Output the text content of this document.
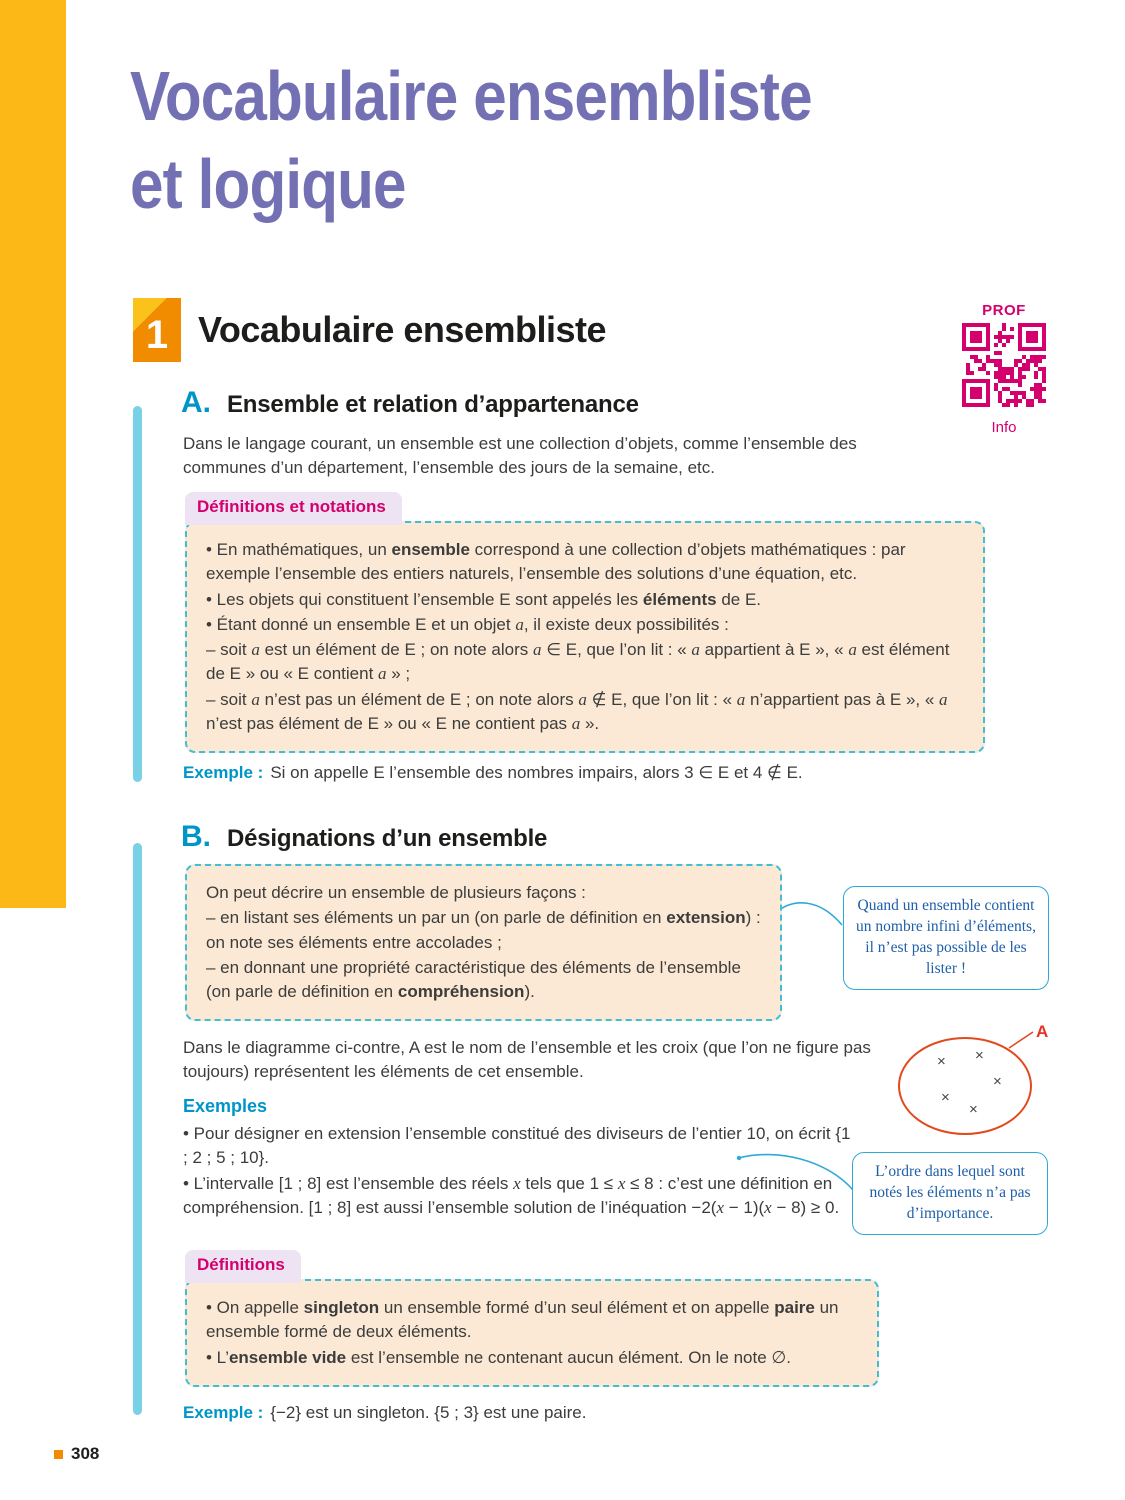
Vocabulaire ensembliste
et logique
1 Vocabulaire ensembliste	PROF
Info
A. Ensemble et relation d’appartenance

Dans le langage courant, un ensemble est une collection d’objets, comme l’ensemble des communes d’un département, l’ensemble des jours de la semaine, etc.

Définitions et notations

• En mathématiques, un ensemble correspond à une collection d’objets mathématiques : par exemple l’ensemble des entiers naturels, l’ensemble des solutions d’une équation, etc.

• Les objets qui constituent l’ensemble E sont appelés les éléments de E.

• Étant donné un ensemble E et un objet a, il existe deux possibilités :

– soit a est un élément de E ; on note alors a ∈ E, que l’on lit : « a appartient à E », « a est élément de E » ou « E contient a » ;

– soit a n’est pas un élément de E ; on note alors a ∉ E, que l’on lit : « a n’appartient pas à E », « a n’est pas élément de E » ou « E ne contient pas a ».

Exemple : Si on appelle E l’ensemble des nombres impairs, alors 3 ∈ E et 4 ∉ E.

B. Désignations d’un ensemble

On peut décrire un ensemble de plusieurs façons :

– en listant ses éléments un par un (on parle de définition en extension) : on note ses éléments entre accolades ;

– en donnant une propriété caractéristique des éléments de l’ensemble (on parle de définition en compréhension).

Quand un ensemble contient un nombre infini d’éléments, il n’est pas possible de les lister !

Dans le diagramme ci-contre, A est le nom de l’ensemble et les croix (que l’on ne figure pas toujours) représentent les éléments de cet ensemble.

A
× ×
×
×
×
Exemples

• Pour désigner en extension l’ensemble constitué des diviseurs de l’entier 10, on écrit {1 ; 2 ; 5 ; 10}.

• L’intervalle [1 ; 8] est l’ensemble des réels x tels que 1 ≤ x ≤ 8 : c’est une définition en compréhension. [1 ; 8] est aussi l’ensemble solution de l’inéquation −2(x − 1)(x − 8) ≥ 0.

L’ordre dans lequel sont notés les éléments n’a pas d’importance.
Définitions

• On appelle singleton un ensemble formé d’un seul élément et on appelle paire un ensemble formé de deux éléments.

• L’ensemble vide est l’ensemble ne contenant aucun élément. On le note ∅.

Exemple : {−2} est un singleton. {5 ; 3} est une paire.

308
